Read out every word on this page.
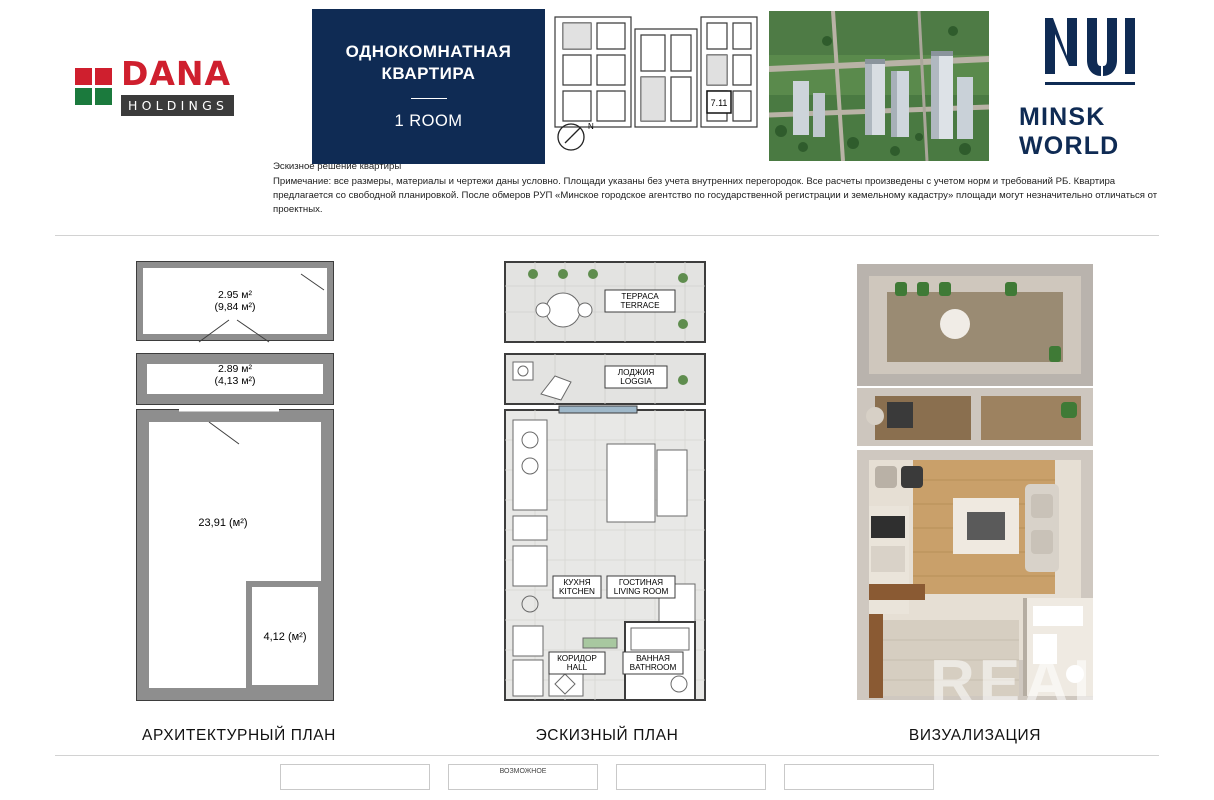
DANA
HOLDINGS
ОДНОКОМНАТНАЯ КВАРТИРА
1 ROOM
7.11
N	MINSK WORLD
Эскизное решение квартиры
Примечание: все размеры, материалы и чертежи даны условно. Площади указаны без учета внутренних перегородок. Все расчеты произведены с учетом норм и требований РБ. Квартира предлагается со свободной планировкой. После обмеров РУП «Минское городское агентство по государственной регистрации и земельному кадастру» площади могут незначительно отличаться от проектных.
2.95 м²
(9,84 м²)
2.89 м²
(4,13 м²)
23,91 (м²)
4,12 (м²)
АРХИТЕКТУРНЫЙ ПЛАН
ТЕРРАСА
TERRACE
ЛОДЖИЯ
LOGGIA
КУХНЯ
KITCHEN
ГОСТИНАЯ
LIVING ROOM
КОРИДОР
HALL
ВАННАЯ
BATHROOM
ЭСКИЗНЫЙ ПЛАН	ВИЗУАЛИЗАЦИЯ
REALT
ВОЗМОЖНОЕ
